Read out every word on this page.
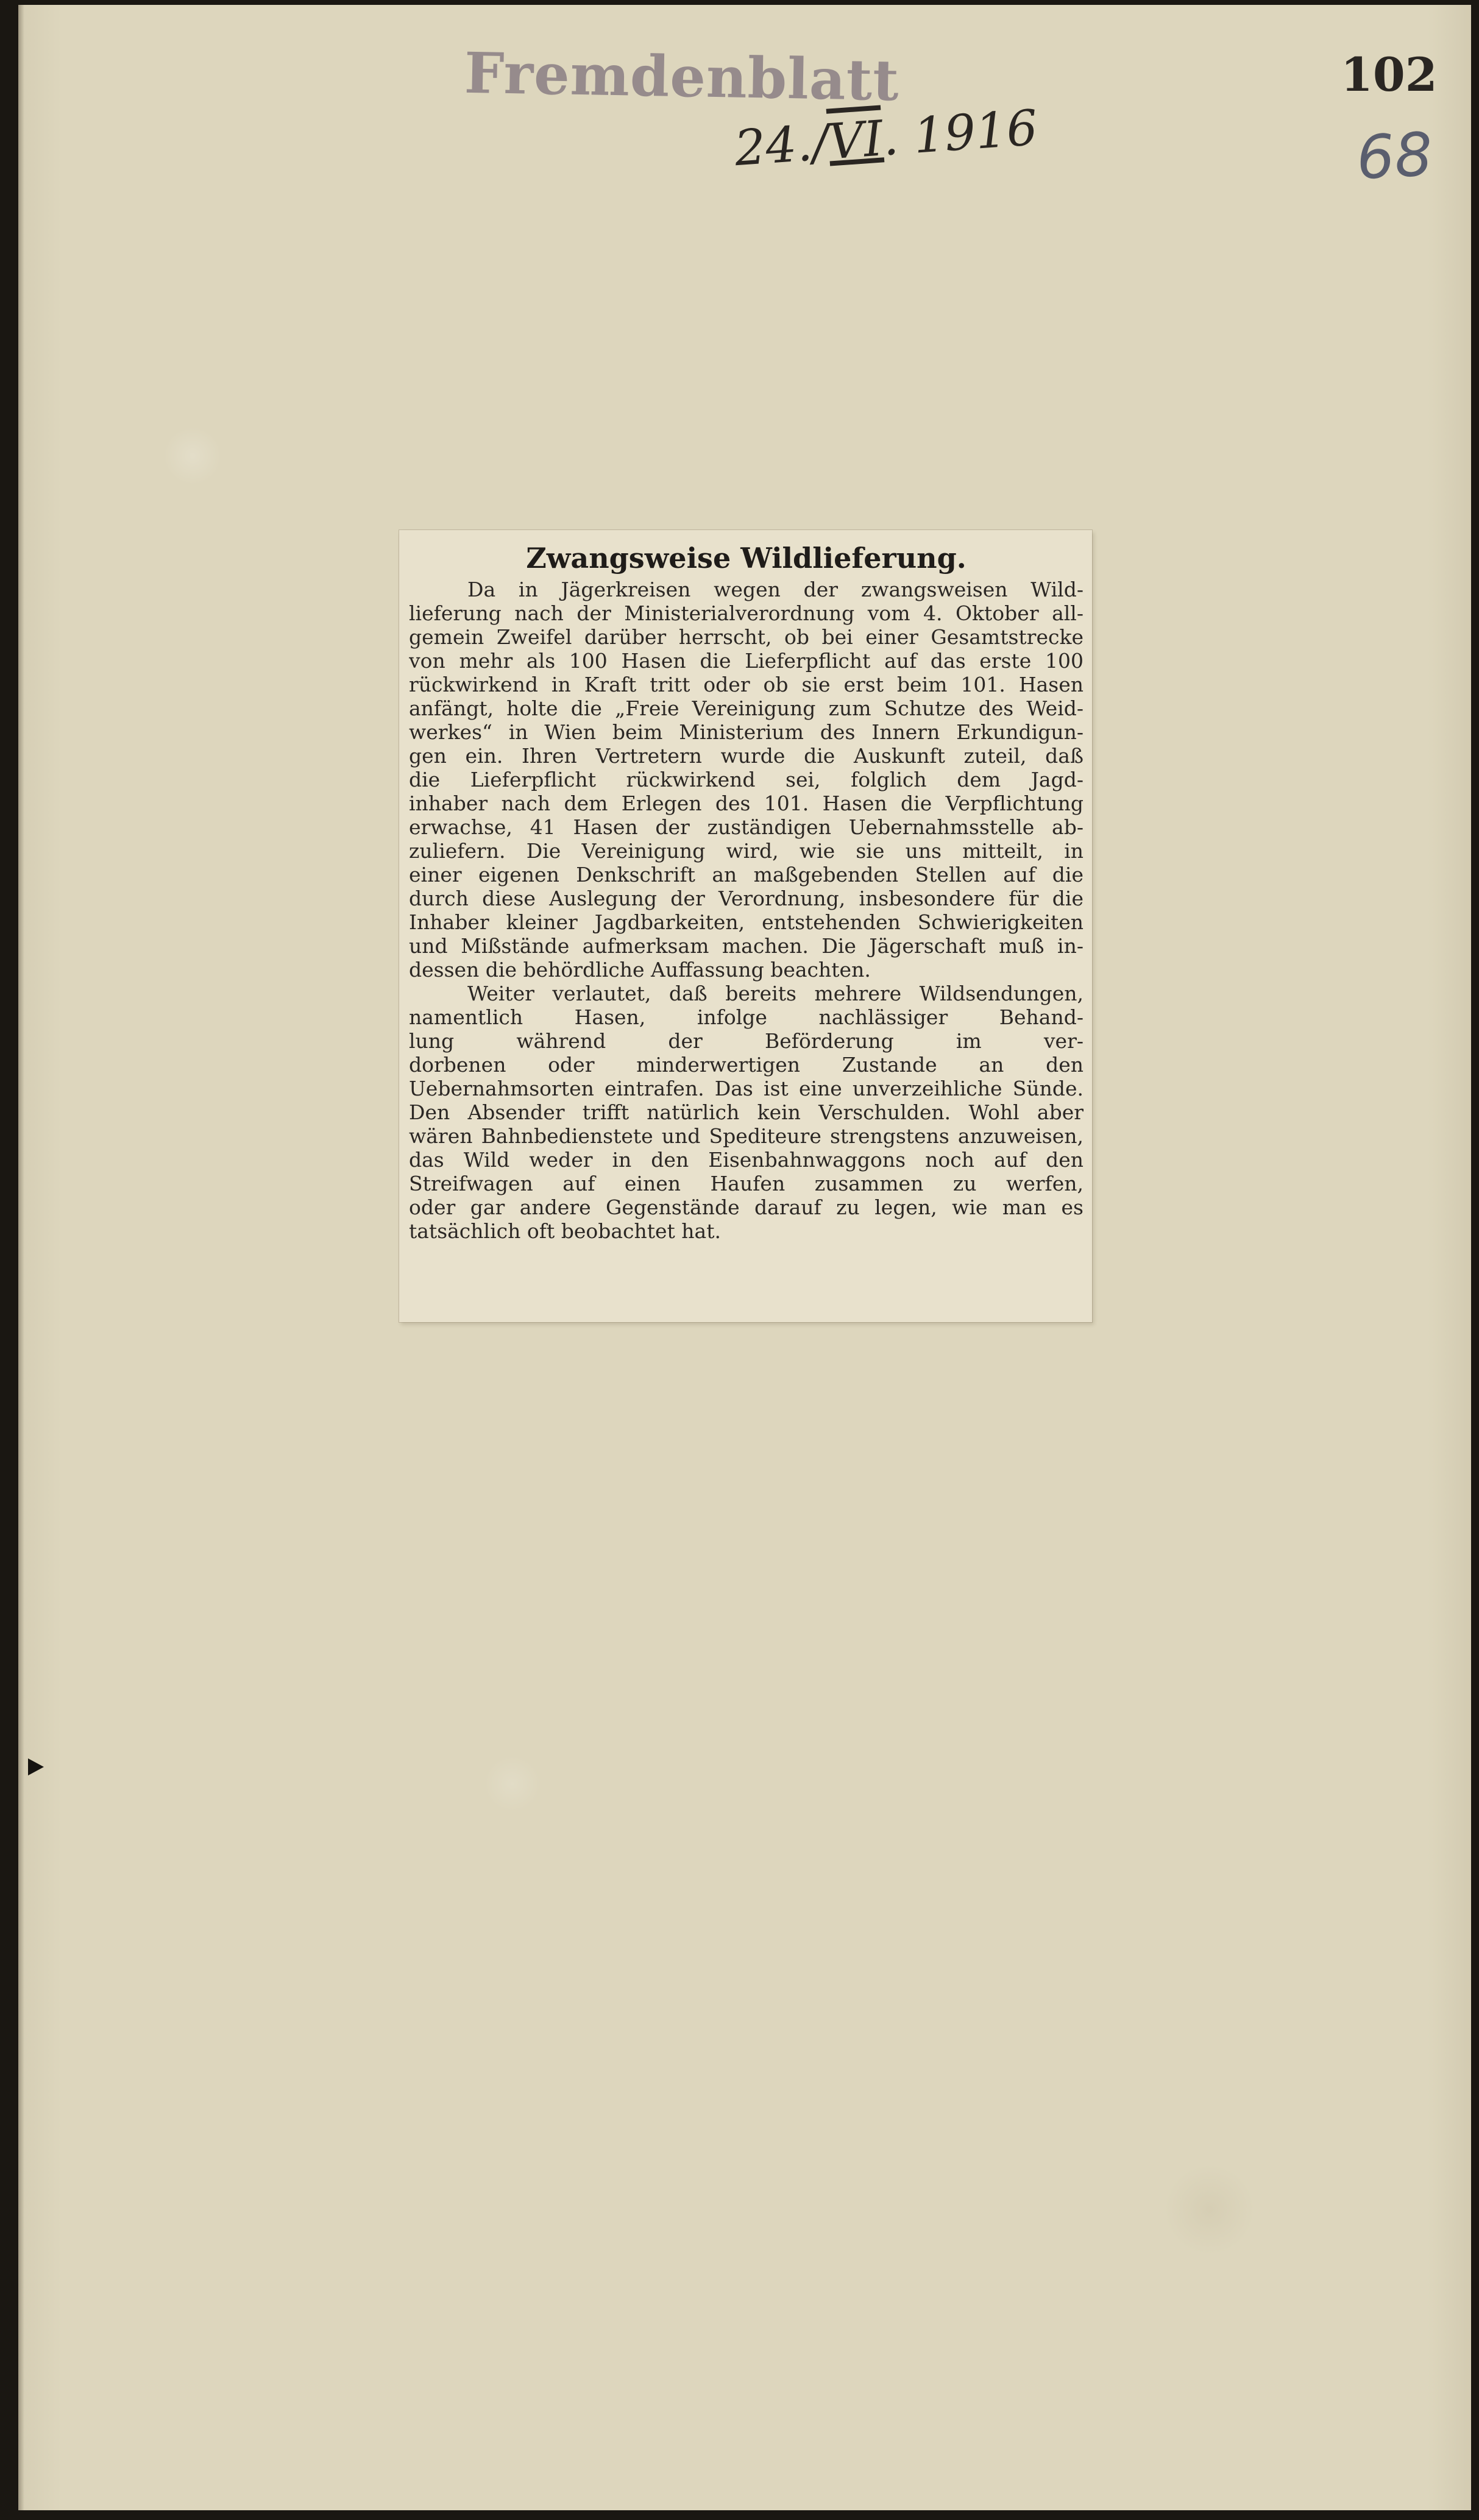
Fremdenblatt
24./VI. 1916
102
68
Zwangsweise Wildlieferung.
Da in Jägerkreisen wegen der zwangsweisen Wild-
lieferung nach der Ministerialverordnung vom 4. Oktober all-
gemein Zweifel darüber herrscht, ob bei einer Gesamtstrecke
von mehr als 100 Hasen die Lieferpflicht auf das erste 100
rückwirkend in Kraft tritt oder ob sie erst beim 101. Hasen
anfängt, holte die „Freie Vereinigung zum Schutze des Weid-
werkes“ in Wien beim Ministerium des Innern Erkundigun-
gen ein. Ihren Vertretern wurde die Auskunft zuteil, daß
die Lieferpflicht rückwirkend sei, folglich dem Jagd-
inhaber nach dem Erlegen des 101. Hasen die Verpflichtung
erwachse, 41 Hasen der zuständigen Uebernahmsstelle ab-
zuliefern. Die Vereinigung wird, wie sie uns mitteilt, in
einer eigenen Denkschrift an maßgebenden Stellen auf die
durch diese Auslegung der Verordnung, insbesondere für die
Inhaber kleiner Jagdbarkeiten, entstehenden Schwierigkeiten
und Mißstände aufmerksam machen. Die Jägerschaft muß in-
dessen die behördliche Auffassung beachten.
Weiter verlautet, daß bereits mehrere Wildsendungen,
namentlich Hasen, infolge nachlässiger Behand-
lung während der Beförderung im ver-
dorbenen oder minderwertigen Zustande an den
Uebernahmsorten eintrafen. Das ist eine unverzeihliche Sünde.
Den Absender trifft natürlich kein Verschulden. Wohl aber
wären Bahnbedienstete und Spediteure strengstens anzuweisen,
das Wild weder in den Eisenbahnwaggons noch auf den
Streifwagen auf einen Haufen zusammen zu werfen,
oder gar andere Gegenstände darauf zu legen, wie man es
tatsächlich oft beobachtet hat.
